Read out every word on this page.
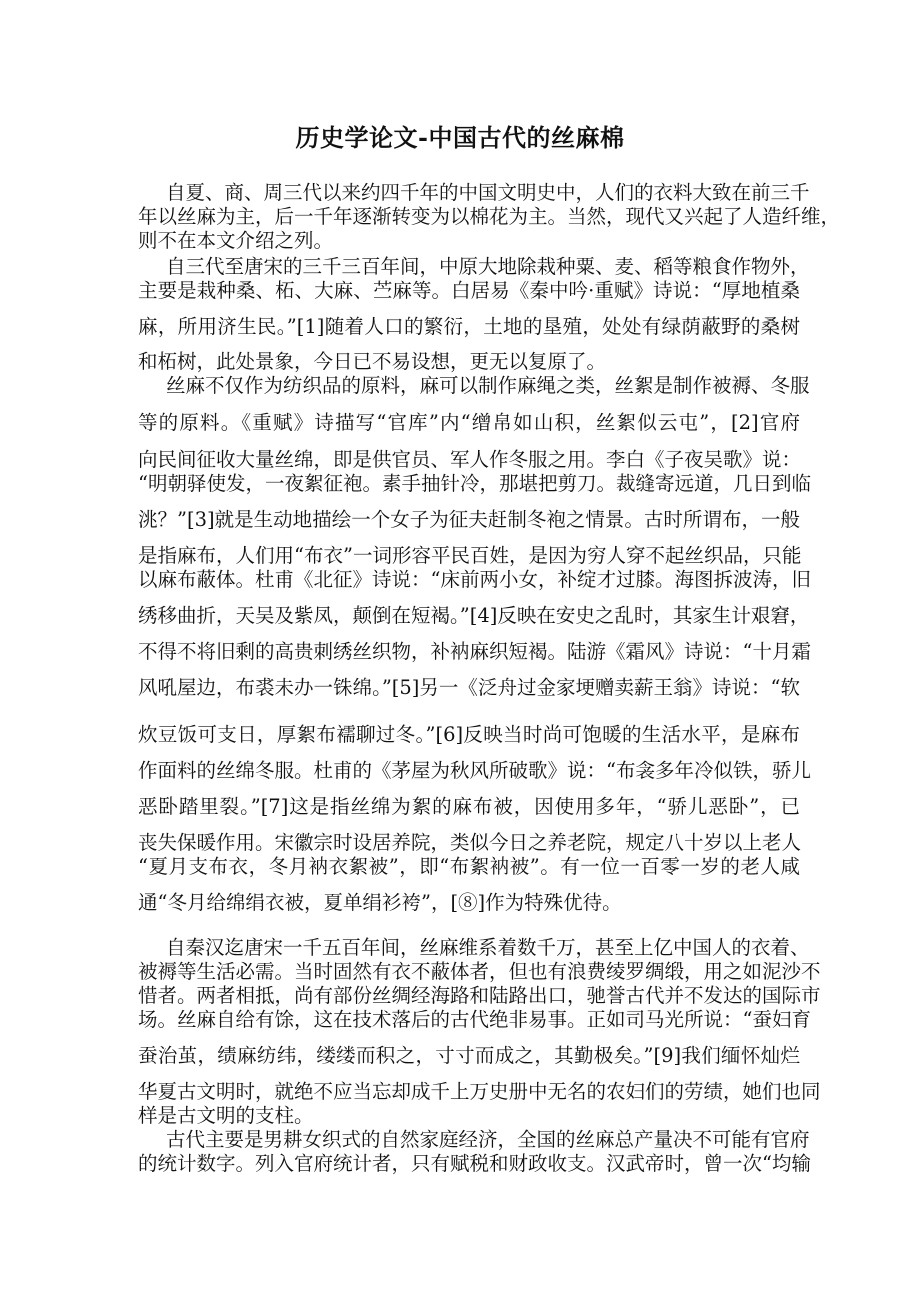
历史学论文-中国古代的丝麻棉
自夏、商、周三代以来约四千年的中国文明史中，人们的衣料大致在前三千
年以丝麻为主，后一千年逐渐转变为以棉花为主。当然，现代又兴起了人造纤维，
则不在本文介绍之列。
自三代至唐宋的三千三百年间，中原大地除栽种粟、麦、稻等粮食作物外，
主要是栽种桑、柘、大麻、苎麻等。白居易《秦中吟·重赋》诗说：“厚地植桑
麻，所用济生民。”[1]随着人口的繁衍，土地的垦殖，处处有绿荫蔽野的桑树
和柘树，此处景象，今日已不易设想，更无以复原了。
丝麻不仅作为纺织品的原料，麻可以制作麻绳之类，丝絮是制作被褥、冬服
等的原料。《重赋》诗描写“官库”内“缯帛如山积，丝絮似云屯”，[2]官府
向民间征收大量丝绵，即是供官员、军人作冬服之用。李白《子夜吴歌》说：
“明朝驿使发，一夜絮征袍。素手抽针冷，那堪把剪刀。裁缝寄远道，几日到临
洮？”[3]就是生动地描绘一个女子为征夫赶制冬袍之情景。古时所谓布，一般
是指麻布，人们用“布衣”一词形容平民百姓，是因为穷人穿不起丝织品，只能
以麻布蔽体。杜甫《北征》诗说：“床前两小女，补绽才过膝。海图拆波涛，旧
绣移曲折，天吴及紫凤，颠倒在短褐。”[4]反映在安史之乱时，其家生计艰窘，
不得不将旧剩的高贵刺绣丝织物，补衲麻织短褐。陆游《霜风》诗说：“十月霜
风吼屋边，布裘未办一铢绵。”[5]另一《泛舟过金家埂赠卖薪王翁》诗说：“软
炊豆饭可支日，厚絮布襦聊过冬。”[6]反映当时尚可饱暖的生活水平，是麻布
作面料的丝绵冬服。杜甫的《茅屋为秋风所破歌》说：“布衾多年冷似铁，骄儿
恶卧踏里裂。”[7]这是指丝绵为絮的麻布被，因使用多年，“骄儿恶卧”，已
丧失保暖作用。宋徽宗时设居养院，类似今日之养老院，规定八十岁以上老人
“夏月支布衣，冬月衲衣絮被”，即“布絮衲被”。有一位一百零一岁的老人咸
通“冬月给绵绢衣被，夏单绢衫袴”，[⑧]作为特殊优待。
自秦汉迄唐宋一千五百年间，丝麻维系着数千万，甚至上亿中国人的衣着、
被褥等生活必需。当时固然有衣不蔽体者，但也有浪费绫罗绸缎，用之如泥沙不
惜者。两者相抵，尚有部份丝绸经海路和陆路出口，驰誉古代并不发达的国际市
场。丝麻自给有馀，这在技术落后的古代绝非易事。正如司马光所说：“蚕妇育
蚕治茧，绩麻纺纬，缕缕而积之，寸寸而成之，其勤极矣。”[9]我们缅怀灿烂
华夏古文明时，就绝不应当忘却成千上万史册中无名的农妇们的劳绩，她们也同
样是古文明的支柱。
古代主要是男耕女织式的自然家庭经济，全国的丝麻总产量决不可能有官府
的统计数字。列入官府统计者，只有赋税和财政收支。汉武帝时，曾一次“均输
